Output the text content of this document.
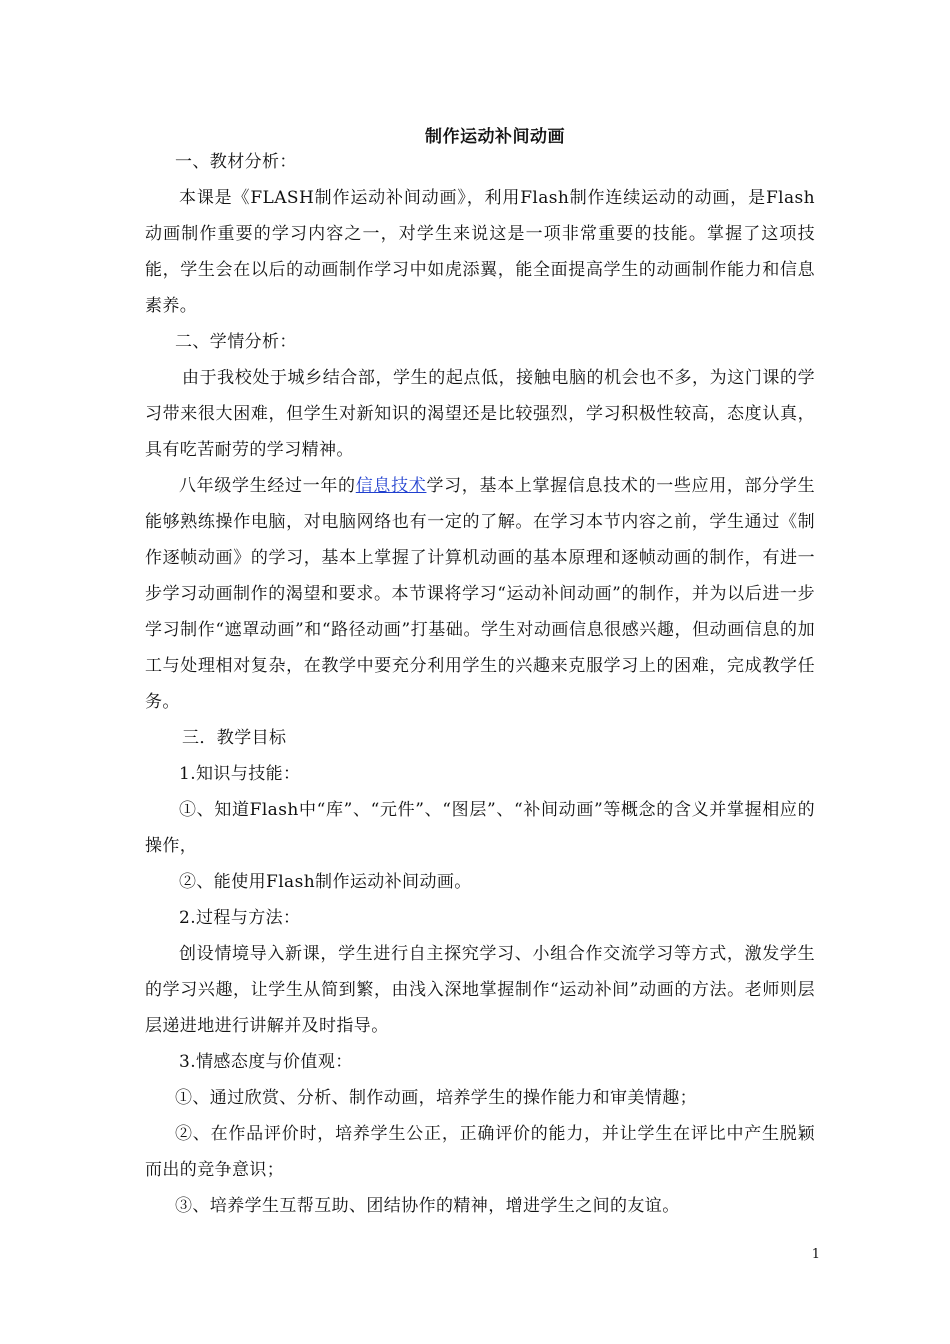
制作运动补间动画

一、教材分析：

本课是《FLASH制作运动补间动画》，利用Flash制作连续运动的动画，是Flash动画制作重要的学习内容之一，对学生来说这是一项非常重要的技能。掌握了这项技能，学生会在以后的动画制作学习中如虎添翼，能全面提高学生的动画制作能力和信息素养。

二、学情分析：

由于我校处于城乡结合部，学生的起点低，接触电脑的机会也不多，为这门课的学习带来很大困难，但学生对新知识的渴望还是比较强烈，学习积极性较高，态度认真，具有吃苦耐劳的学习精神。

八年级学生经过一年的信息技术学习，基本上掌握信息技术的一些应用，部分学生能够熟练操作电脑，对电脑网络也有一定的了解。在学习本节内容之前，学生通过《制作逐帧动画》的学习，基本上掌握了计算机动画的基本原理和逐帧动画的制作，有进一步学习动画制作的渴望和要求。本节课将学习“运动补间动画”的制作，并为以后进一步学习制作“遮罩动画”和“路径动画”打基础。学生对动画信息很感兴趣，但动画信息的加工与处理相对复杂，在教学中要充分利用学生的兴趣来克服学习上的困难，完成教学任务。

三．教学目标

1.知识与技能：

①、知道Flash中“库”、“元件”、“图层”、“补间动画”等概念的含义并掌握相应的操作，

②、能使用Flash制作运动补间动画。

2.过程与方法：

创设情境导入新课，学生进行自主探究学习、小组合作交流学习等方式，激发学生的学习兴趣，让学生从简到繁，由浅入深地掌握制作“运动补间”动画的方法。老师则层层递进地进行讲解并及时指导。

3.情感态度与价值观：

①、通过欣赏、分析、制作动画，培养学生的操作能力和审美情趣；

②、在作品评价时，培养学生公正，正确评价的能力，并让学生在评比中产生脱颖而出的竞争意识；

③、培养学生互帮互助、团结协作的精神，增进学生之间的友谊。

1
